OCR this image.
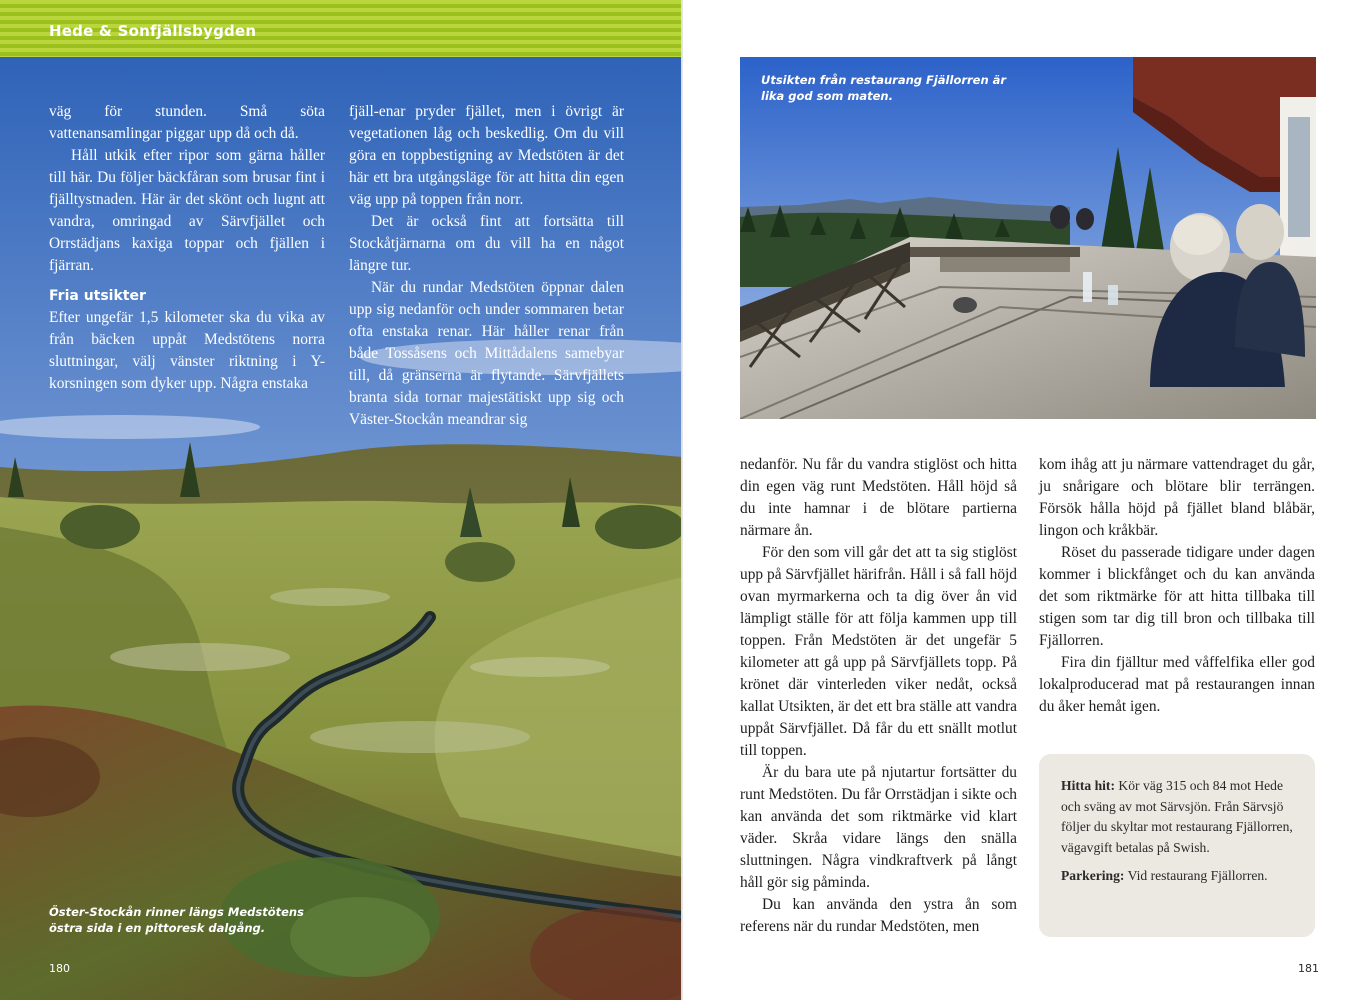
Hede & Sonfjällsbygden

väg för stunden. Små söta vattenansamlingar piggar upp då och då.

Håll utkik efter ripor som gärna håller till här. Du följer bäckfåran som brusar fint i fjälltystnaden. Här är det skönt och lugnt att vandra, omringad av Särvfjället och Orrstädjans kaxiga toppar och fjällen i fjärran.

Fria utsikter

Efter ungefär 1,5 kilometer ska du vika av från bäcken uppåt Medstötens norra sluttningar, välj vänster riktning i Y-korsningen som dyker upp. Några enstaka

fjäll-enar pryder fjället, men i övrigt är vegetationen låg och beskedlig. Om du vill göra en toppbestigning av Medstöten är det här ett bra utgångsläge för att hitta din egen väg upp på toppen från norr.

Det är också fint att fortsätta till Stockåtjärnarna om du vill ha en något längre tur.

När du rundar Medstöten öppnar dalen upp sig nedanför och under sommaren betar ofta enstaka renar. Här håller renar från både Tossåsens och Mittådalens samebyar till, då gränserna är flytande. Särvfjällets branta sida tornar majestätiskt upp sig och Väster-Stockån meandrar sig

Öster-Stockån rinner längs Medstötens östra sida i en pittoresk dalgång.
180
Utsikten från restaurang Fjällorren är lika god som maten.

nedanför. Nu får du vandra stiglöst och hitta din egen väg runt Medstöten. Håll höjd så du inte hamnar i de blötare partierna närmare ån.

För den som vill går det att ta sig stiglöst upp på Särvfjället härifrån. Håll i så fall höjd ovan myrmarkerna och ta dig över ån vid lämpligt ställe för att följa kammen upp till toppen. Från Medstöten är det ungefär 5 kilometer att gå upp på Särvfjällets topp. På krönet där vinterleden viker nedåt, också kallat Utsikten, är det ett bra ställe att vandra uppåt Särvfjället. Då får du ett snällt motlut till toppen.

Är du bara ute på njutartur fortsätter du runt Medstöten. Du får Orrstädjan i sikte och kan använda det som riktmärke vid klart väder. Skråa vidare längs den snälla sluttningen. Några vindkraftverk på långt håll gör sig påminda.

Du kan använda den ystra ån som referens när du rundar Medstöten, men

kom ihåg att ju närmare vattendraget du går, ju snårigare och blötare blir terrängen. Försök hålla höjd på fjället bland blåbär, lingon och kråkbär.

Röset du passerade tidigare under dagen kommer i blickfånget och du kan använda det som riktmärke för att hitta tillbaka till stigen som tar dig till bron och tillbaka till Fjällorren.

Fira din fjälltur med våffelfika eller god lokalproducerad mat på restaurangen innan du åker hemåt igen.

Hitta hit: Kör väg 315 och 84 mot Hede och sväng av mot Särvsjön. Från Särvsjö följer du skyltar mot restaurang Fjällorren, vägavgift betalas på Swish.

Parkering: Vid restaurang Fjällorren.

181
